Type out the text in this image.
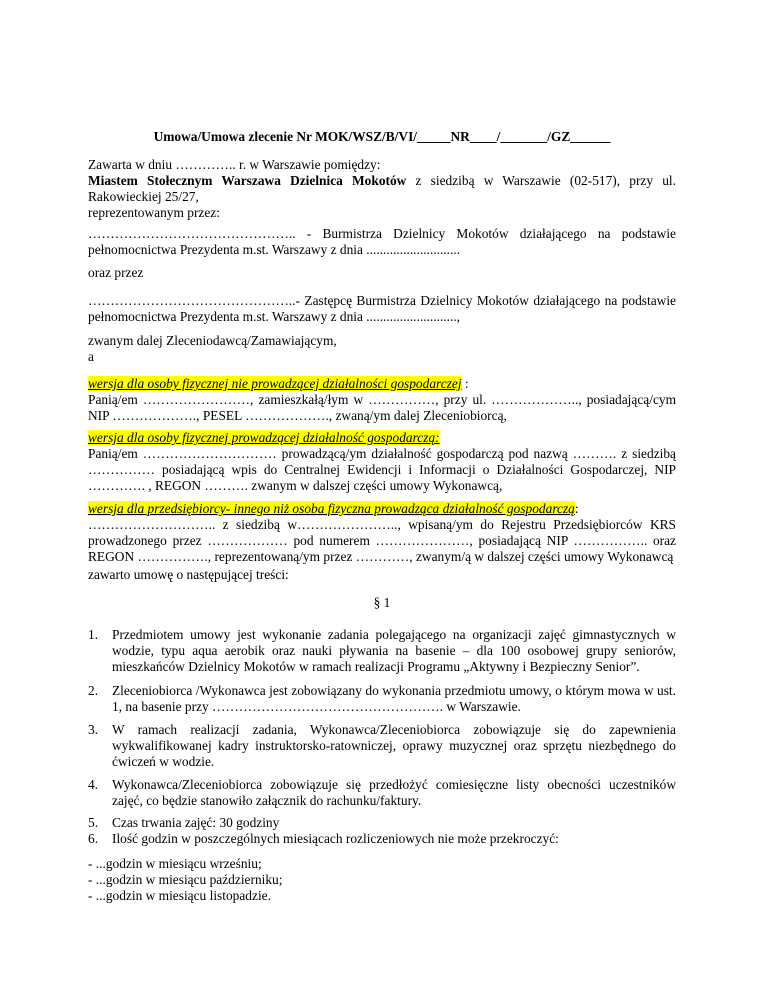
Umowa/Umowa zlecenie Nr MOK/WSZ/B/VI/_____NR____/_______/GZ______
Zawarta w dniu ………….. r. w Warszawie pomiędzy:
Miastem Stołecznym Warszawa Dzielnica Mokotów z siedzibą w Warszawie (02-517), przy ul. Rakowieckiej 25/27,
reprezentowanym przez:
……………………………………….. - Burmistrza Dzielnicy Mokotów działającego na podstawie pełnomocnictwa Prezydenta m.st. Warszawy z dnia ............................
oraz przez
………………………………………..- Zastępcę Burmistrza Dzielnicy Mokotów działającego na podstawie pełnomocnictwa Prezydenta m.st. Warszawy z dnia ...........................,
zwanym dalej Zleceniodawcą/Zamawiającym,
a
wersja dla osoby fizycznej nie prowadzącej działalności gospodarczej :
Panią/em ……………………, zamieszkałą/łym w ……………, przy ul. ……………….., posiadającą/cym NIP ………………., PESEL ………………., zwaną/ym dalej Zleceniobiorcą,
wersja dla osoby fizycznej prowadzącej działalność gospodarczą:
Panią/em ………………………… prowadzącą/ym działalność gospodarczą pod nazwą ………. z siedzibą …………… posiadającą wpis do Centralnej Ewidencji i Informacji o Działalności Gospodarczej, NIP …………. , REGON ………. zwanym w dalszej części umowy Wykonawcą,
wersja dla przedsiębiorcy- innego niż osoba fizyczna prowadząca działalność gospodarczą:
……………………….. z siedzibą w………………….., wpisaną/ym do Rejestru Przedsiębiorców KRS prowadzonego przez ……………… pod numerem …………………, posiadającą NIP …………….. oraz REGON ……………., reprezentowaną/ym przez …………, zwanym/ą w dalszej części umowy Wykonawcą
zawarto umowę o następującej treści:
§ 1
1. Przedmiotem umowy jest wykonanie zadania polegającego na organizacji zajęć gimnastycznych w wodzie, typu aqua aerobik oraz nauki pływania na basenie – dla 100 osobowej grupy seniorów, mieszkańców Dzielnicy Mokotów w ramach realizacji Programu „Aktywny i Bezpieczny Senior”.
2. Zleceniobiorca /Wykonawca jest zobowiązany do wykonania przedmiotu umowy, o którym mowa w ust. 1, na basenie przy ……………………………………………. w Warszawie.
3. W ramach realizacji zadania, Wykonawca/Zleceniobiorca zobowiązuje się do zapewnienia wykwalifikowanej kadry instruktorsko-ratowniczej, oprawy muzycznej oraz sprzętu niezbędnego do ćwiczeń w wodzie.
4. Wykonawca/Zleceniobiorca zobowiązuje się przedłożyć comiesięczne listy obecności uczestników zajęć, co będzie stanowiło załącznik do rachunku/faktury.
5. Czas trwania zajęć: 30 godziny
6. Ilość godzin w poszczególnych miesiącach rozliczeniowych nie może przekroczyć:
- ...godzin w miesiącu wrześniu;
- ...godzin w miesiącu październiku;
- ...godzin w miesiącu listopadzie.
